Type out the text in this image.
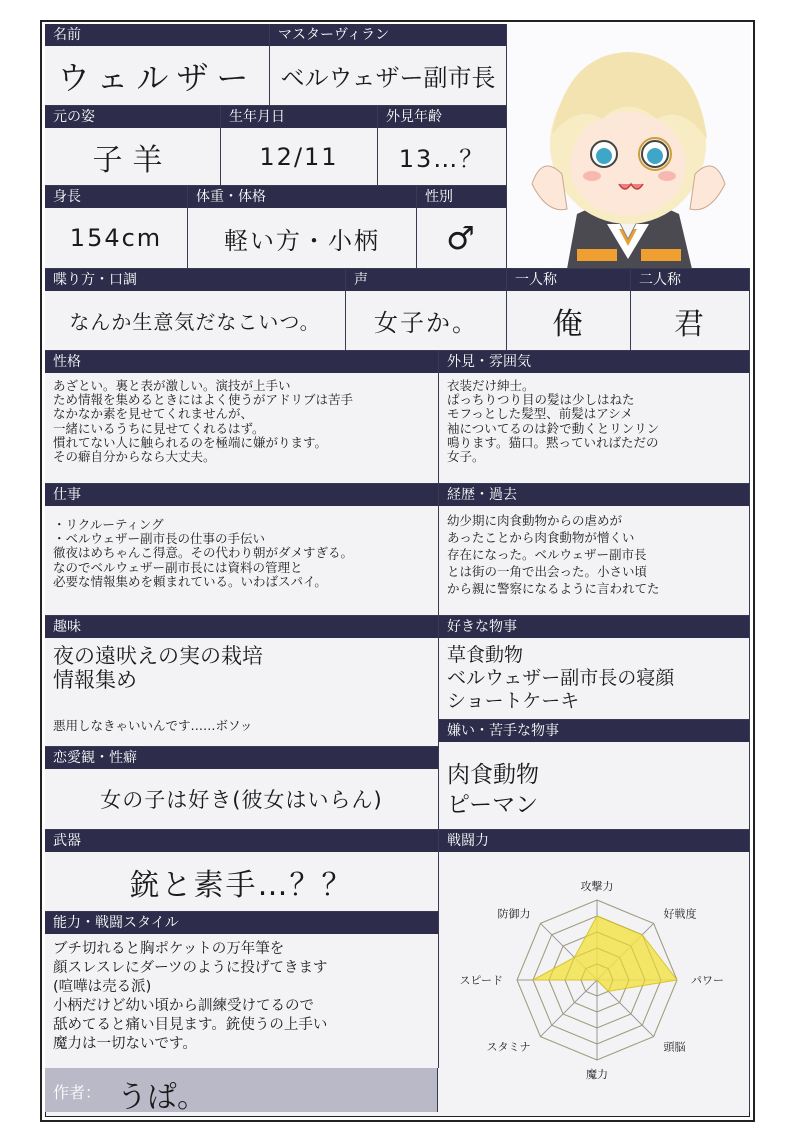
名前
ウェルザー
マスターヴィラン
ベルウェザー副市長
元の姿
子羊
生年月日
12/11
外見年齢
13…？
身長
154cm
体重・体格
軽い方・小柄
性別
♂
喋り方・口調
なんか生意気だなこいつ。
声
女子か。
一人称
俺
二人称
君
性格
あざとい。裏と表が激しい。演技が上手い
ため情報を集めるときにはよく使うがアドリブは苦手
なかなか素を見せてくれませんが、
一緒にいるうちに見せてくれるはず。
慣れてない人に触られるのを極端に嫌がります。
その癖自分からなら大丈夫。
外見・雰囲気
衣装だけ紳士。
ぱっちりつり目の髪は少しはねた
モフっとした髪型、前髪はアシメ
袖についてるのは鈴で動くとリンリン
鳴ります。猫口。黙っていればただの
女子。
仕事
・リクルーティング
・ベルウェザー副市長の仕事の手伝い
徹夜はめちゃんこ得意。その代わり朝がダメすぎる。
なのでベルウェザー副市長には資料の管理と
必要な情報集めを頼まれている。いわばスパイ。
経歴・過去
幼少期に肉食動物からの虐めが
あったことから肉食動物が憎くい
存在になった。ベルウェザー副市長
とは街の一角で出会った。小さい頃
から親に警察になるように言われてた
趣味
夜の遠吠えの実の栽培
情報集め
悪用しなきゃいいんです……ボソッ
好きな物事
草食動物
ベルウェザー副市長の寝顔
ショートケーキ
恋愛観・性癖
女の子は好き(彼女はいらん)
嫌い・苦手な物事
肉食動物
ピーマン
武器
銃と素手…？？
能力・戦闘スタイル
ブチ切れると胸ポケットの万年筆を
顔スレスレにダーツのように投げてきます
(喧嘩は売る派)
小柄だけど幼い頃から訓練受けてるので
舐めてると痛い目見ます。銃使うの上手い
魔力は一切ないです。
作者： うぱ。
戦闘力
攻撃力
好戦度
パワー
頭脳
魔力
スタミナ
スピード
防御力
